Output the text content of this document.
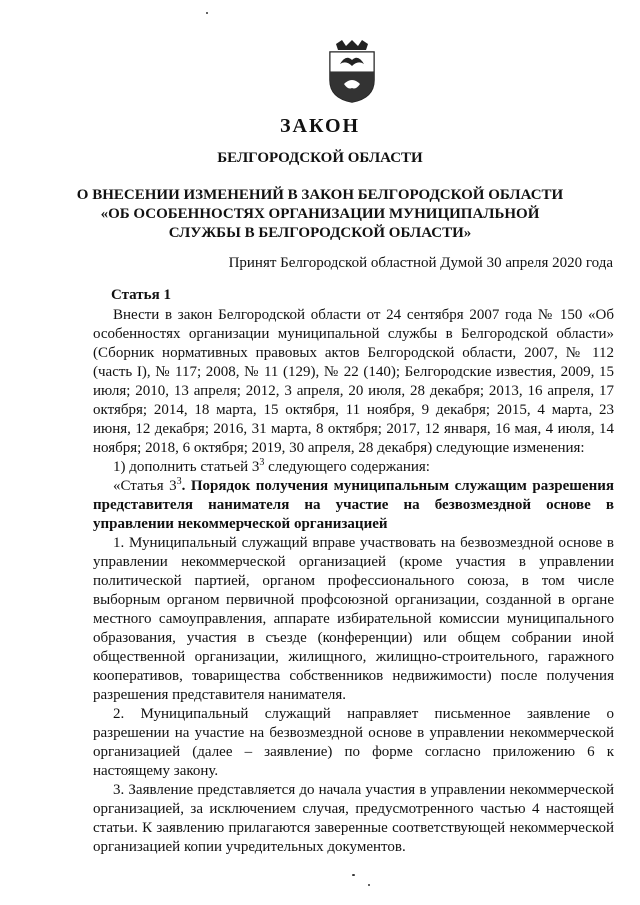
ЗАКОН
БЕЛГОРОДСКОЙ ОБЛАСТИ
О ВНЕСЕНИИ ИЗМЕНЕНИЙ В ЗАКОН БЕЛГОРОДСКОЙ ОБЛАСТИ
«ОБ ОСОБЕННОСТЯХ ОРГАНИЗАЦИИ МУНИЦИПАЛЬНОЙ
СЛУЖБЫ В БЕЛГОРОДСКОЙ ОБЛАСТИ»
Принят Белгородской областной Думой 30 апреля 2020 года
Статья 1

Внести в закон Белгородской области от 24 сентября 2007 года № 150 «Об особенностях организации муниципальной службы в Белгородской области» (Сборник нормативных правовых актов Белгородской области, 2007, № 112 (часть I), № 117; 2008, № 11 (129), № 22 (140); Белгородские известия, 2009, 15 июля; 2010, 13 апреля; 2012, 3 апреля, 20 июля, 28 декабря; 2013, 16 апреля, 17 октября; 2014, 18 марта, 15 октября, 11 ноября, 9 декабря; 2015, 4 марта, 23 июня, 12 декабря; 2016, 31 марта, 8 октября; 2017, 12 января, 16 мая, 4 июля, 14 ноября; 2018, 6 октября; 2019, 30 апреля, 28 декабря) следующие изменения:

1) дополнить статьей $3^3$ следующего содержания:

«Статья $3^3$. Порядок получения муниципальным служащим разрешения представителя нанимателя на участие на безвозмездной основе в управлении некоммерческой организацией

1. Муниципальный служащий вправе участвовать на безвозмездной основе в управлении некоммерческой организацией (кроме участия в управлении политической партией, органом профессионального союза, в том числе выборным органом первичной профсоюзной организации, созданной в органе местного самоуправления, аппарате избирательной комиссии муниципального образования, участия в съезде (конференции) или общем собрании иной общественной организации, жилищного, жилищно-строительного, гаражного кооперативов, товарищества собственников недвижимости) после получения разрешения представителя нанимателя.

2. Муниципальный служащий направляет письменное заявление о разрешении на участие на безвозмездной основе в управлении некоммерческой организацией (далее – заявление) по форме согласно приложению 6 к настоящему закону.

3. Заявление представляется до начала участия в управлении некоммерческой организацией, за исключением случая, предусмотренного частью 4 настоящей статьи. К заявлению прилагаются заверенные соответствующей некоммерческой организацией копии учредительных документов.
